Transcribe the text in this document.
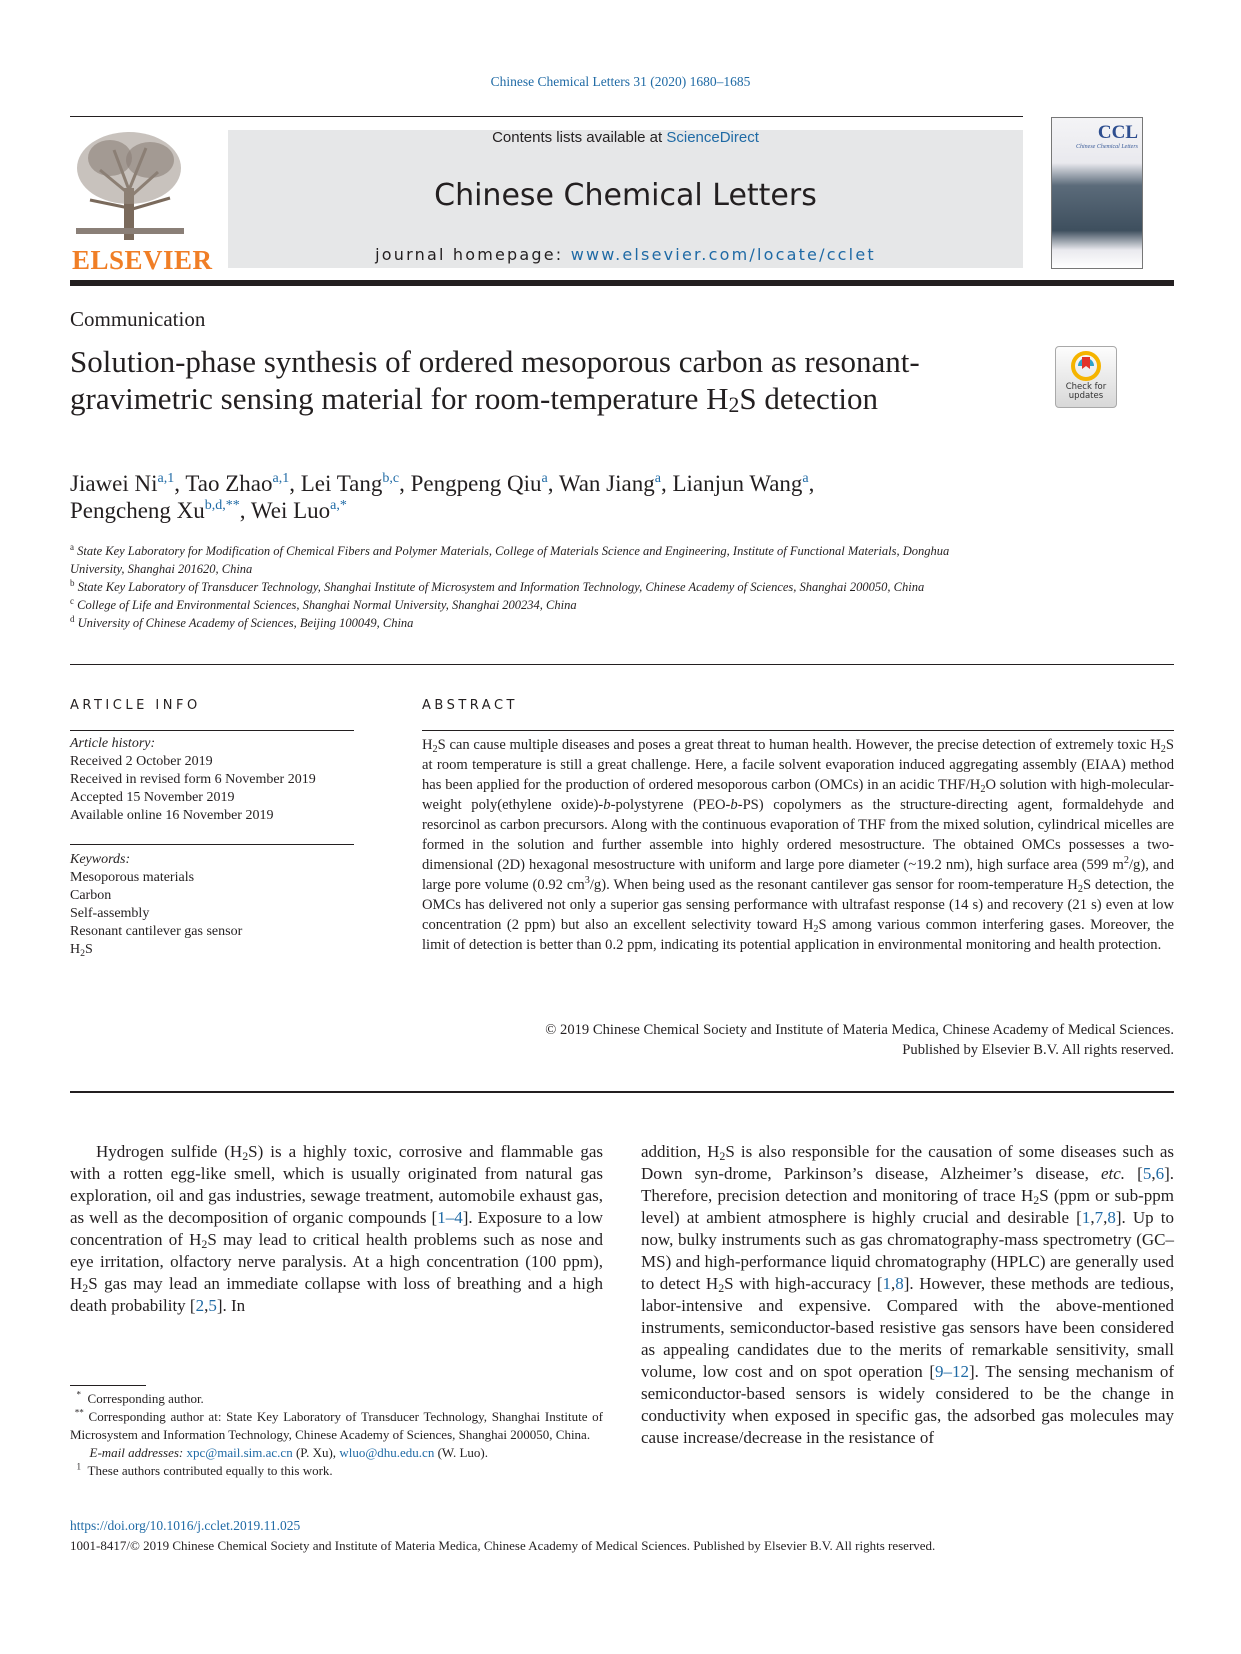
Chinese Chemical Letters 31 (2020) 1680–1685
ELSEVIER
Contents lists available at ScienceDirect
Chinese Chemical Letters
journal homepage: www.elsevier.com/locate/cclet
CCL
Chinese Chemical Letters
Communication
Solution-phase synthesis of ordered mesoporous carbon as resonant-gravimetric sensing material for room-temperature $H_2S$ detection	Check for
updates
Jiawei Ni$^{a,1}$, Tao Zhao$^{a,1}$, Lei Tang$^{b,c}$, Pengpeng Qiu$^a$, Wan Jiang$^a$, Lianjun Wang$^a$,
Pengcheng Xu$^{b,d,**}$, Wei Luo$^{a,*}$
$^a$ State Key Laboratory for Modification of Chemical Fibers and Polymer Materials, College of Materials Science and Engineering, Institute of Functional Materials, Donghua University, Shanghai 201620, China
$^b$ State Key Laboratory of Transducer Technology, Shanghai Institute of Microsystem and Information Technology, Chinese Academy of Sciences, Shanghai 200050, China
$^c$ College of Life and Environmental Sciences, Shanghai Normal University, Shanghai 200234, China
$^d$ University of Chinese Academy of Sciences, Beijing 100049, China
ARTICLE INFO
Article history:
Received 2 October 2019
Received in revised form 6 November 2019
Accepted 15 November 2019
Available online 16 November 2019
Keywords:
Mesoporous materials
Carbon
Self-assembly
Resonant cantilever gas sensor
$H_2S$
ABSTRACT
$H_2S$ can cause multiple diseases and poses a great threat to human health. However, the precise detection of extremely toxic $H_2S$ at room temperature is still a great challenge. Here, a facile solvent evaporation induced aggregating assembly (EIAA) method has been applied for the production of ordered mesoporous carbon (OMCs) in an acidic THF/$H_2O$ solution with high-molecular-weight poly(ethylene oxide)-b-polystyrene (PEO-b-PS) copolymers as the structure-directing agent, formaldehyde and resorcinol as carbon precursors. Along with the continuous evaporation of THF from the mixed solution, cylindrical micelles are formed in the solution and further assemble into highly ordered mesostructure. The obtained OMCs possesses a two-dimensional (2D) hexagonal mesostructure with uniform and large pore diameter (~19.2 nm), high surface area (599 $m^2/g$), and large pore volume (0.92 $cm^3/g$). When being used as the resonant cantilever gas sensor for room-temperature $H_2S$ detection, the OMCs has delivered not only a superior gas sensing performance with ultrafast response (14 s) and recovery (21 s) even at low concentration (2 ppm) but also an excellent selectivity toward $H_2S$ among various common interfering gases. Moreover, the limit of detection is better than 0.2 ppm, indicating its potential application in environmental monitoring and health protection.
© 2019 Chinese Chemical Society and Institute of Materia Medica, Chinese Academy of Medical Sciences.
Published by Elsevier B.V. All rights reserved.
Hydrogen sulfide $(H_2S)$ is a highly toxic, corrosive and flammable gas with a rotten egg-like smell, which is usually originated from natural gas exploration, oil and gas industries, sewage treatment, automobile exhaust gas, as well as the decomposition of organic compounds [1–4]. Exposure to a low concentration of $H_2S$ may lead to critical health problems such as nose and eye irritation, olfactory nerve paralysis. At a high concentration (100 ppm), $H_2S$ gas may lead an immediate collapse with loss of breathing and a high death probability [2,5]. In
addition, $H_2S$ is also responsible for the causation of some diseases such as Down syn-drome, Parkinson’s disease, Alzheimer’s disease, etc. [5,6]. Therefore, precision detection and monitoring of trace $H_2S$ (ppm or sub-ppm level) at ambient atmosphere is highly crucial and desirable [1,7,8]. Up to now, bulky instruments such as gas chromatography-mass spectrometry (GC–MS) and high-performance liquid chromatography (HPLC) are generally used to detect $H_2S$ with high-accuracy [1,8]. However, these methods are tedious, labor-intensive and expensive. Compared with the above-mentioned instruments, semiconductor-based resistive gas sensors have been considered as appealing candidates due to the merits of remarkable sensitivity, small volume, low cost and on spot operation [9–12]. The sensing mechanism of semiconductor-based sensors is widely considered to be the change in conductivity when exposed in specific gas, the adsorbed gas molecules may cause increase/decrease in the resistance of
* Corresponding author.
** Corresponding author at: State Key Laboratory of Transducer Technology, Shanghai Institute of Microsystem and Information Technology, Chinese Academy of Sciences, Shanghai 200050, China.
E-mail addresses: xpc@mail.sim.ac.cn (P. Xu), wluo@dhu.edu.cn (W. Luo).
$^1$ These authors contributed equally to this work.
https://doi.org/10.1016/j.cclet.2019.11.025
1001-8417/© 2019 Chinese Chemical Society and Institute of Materia Medica, Chinese Academy of Medical Sciences. Published by Elsevier B.V. All rights reserved.
